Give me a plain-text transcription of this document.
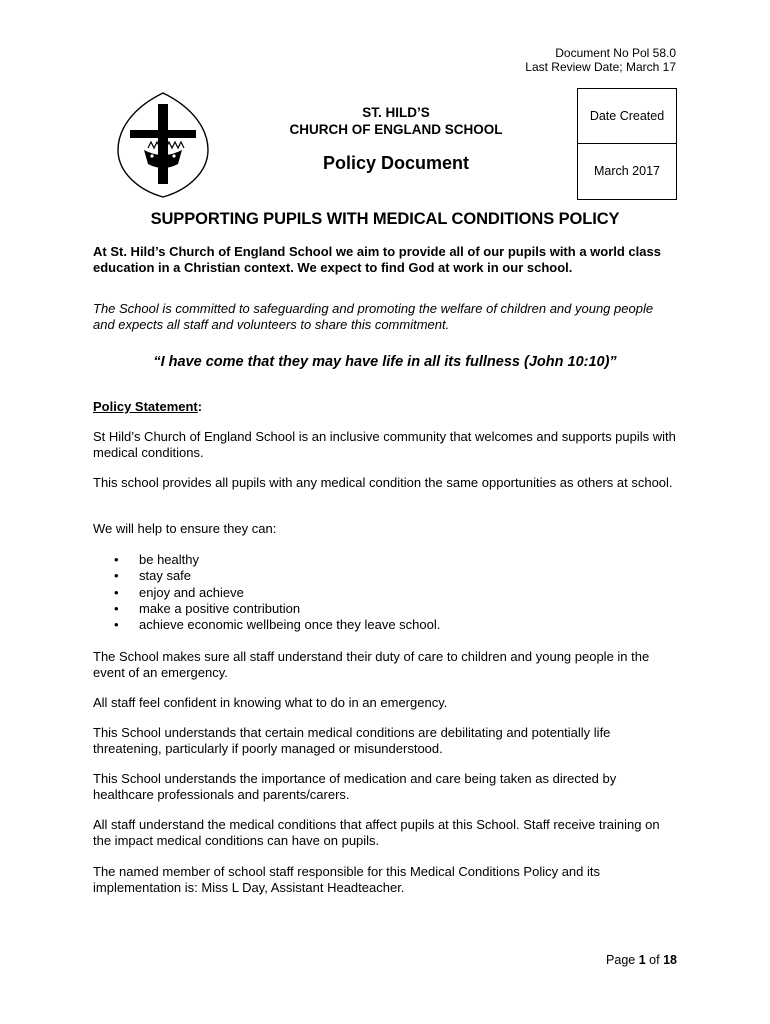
Document No Pol 58.0
Last Review Date; March 17
ST. HILD’S
CHURCH OF ENGLAND SCHOOL
Policy Document
Date Created
March 2017
SUPPORTING PUPILS WITH MEDICAL CONDITIONS POLICY
At St. Hild’s Church of England School we aim to provide all of our pupils with a world class education in a Christian context. We expect to find God at work in our school.
The School is committed to safeguarding and promoting the welfare of children and young people and expects all staff and volunteers to share this commitment.
“I have come that they may have life in all its fullness (John 10:10)”
Policy Statement:
St Hild’s Church of England School is an inclusive community that welcomes and supports pupils with medical conditions.
This school provides all pupils with any medical condition the same opportunities as others at school.
We will help to ensure they can:
• be healthy
• stay safe
• enjoy and achieve
• make a positive contribution
• achieve economic wellbeing once they leave school.
The School makes sure all staff understand their duty of care to children and young people in the event of an emergency.
All staff feel confident in knowing what to do in an emergency.
This School understands that certain medical conditions are debilitating and potentially life threatening, particularly if poorly managed or misunderstood.
This School understands the importance of medication and care being taken as directed by healthcare professionals and parents/carers.
All staff understand the medical conditions that affect pupils at this School. Staff receive training on the impact medical conditions can have on pupils.
The named member of school staff responsible for this Medical Conditions Policy and its implementation is: Miss L Day, Assistant Headteacher.
Page 1 of 18
